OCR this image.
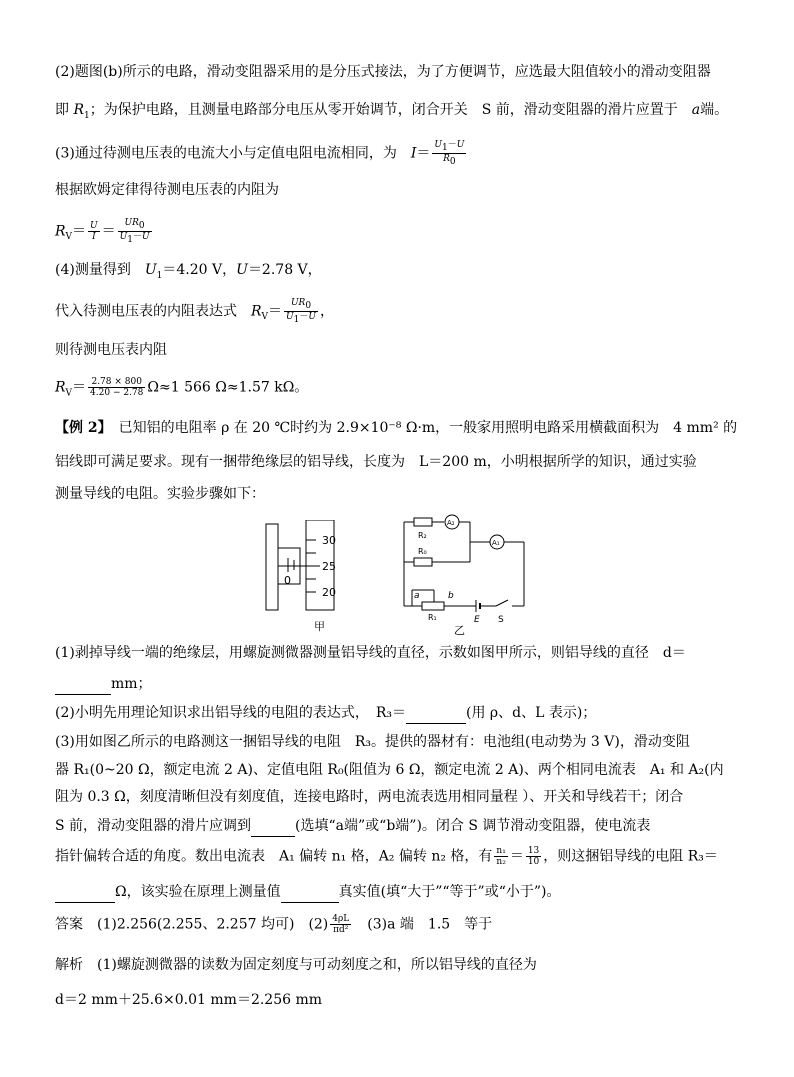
(2)题图(b)所示的电路，滑动变阻器采用的是分压式接法，为了方便调节，应选最大阻值较小的滑动变阻器
即 $R_1$；为保护电路，且测量电路部分电压从零开始调节，闭合开关　S 前，滑动变阻器的滑片应置于　a端。
(3)通过待测电压表的电流大小与定值电阻电流相同，为　$I= \frac{U_1-U}{R_0}$
根据欧姆定律得待测电压表的内阻为
$R_V= \frac{U}{I} = \frac{UR_0}{U_1-U}$
(4)测量得到　$U_1=4.20$ V，U＝2.78 V，
代入待测电压表的内阻表达式　$R_V= \frac{UR_0}{U_1-U}$ ，
则待测电压表内阻
$R_V= \frac{2.78 \times 800}{4.20 - 2.78} \Omega\approx 1$ 566 Ω≈1.57 kΩ。
【例 2】　已知铝的电阻率 ρ 在 20 ℃时约为 2.9×10⁻⁸ Ω·m，一般家用照明电路采用横截面积为　4 mm² 的
铝线即可满足要求。现有一捆带绝缘层的铝导线，长度为　L＝200 m，小明根据所学的知识，通过实验
测量导线的电阻。实验步骤如下：
30
25
20
0
甲
A₂
R₂
R₀
A₁
a	b
R₁	E S
乙
(1)剥掉导线一端的绝缘层，用螺旋测微器测量铝导线的直径，示数如图甲所示，则铝导线的直径　d＝
mm；
(2)小明先用理论知识求出铝导线的电阻的表达式，　R₃＝	(用 ρ、d、L 表示)；
(3)用如图乙所示的电路测这一捆铝导线的电阻　R₃。提供的器材有：电池组(电动势为 3 V)，滑动变阻
器 R₁(0~20 Ω，额定电流 2 A)、定值电阻 R₀(阻值为 6 Ω，额定电流 2 A)、两个相同电流表　A₁ 和 A₂(内
阻为 0.3 Ω，刻度清晰但没有刻度值，连接电路时，两电流表选用相同量程 ）、开关和导线若干；闭合
S 前，滑动变阻器的滑片应调到	(选填“a端”或“b端”)。闭合 S 调节滑动变阻器，使电流表
指针偏转合适的角度。数出电流表　A₁ 偏转 n₁ 格，A₂ 偏转 n₂ 格，有 $\frac{\text{n₁}}{\text{n₂}} = \frac{13}{10}$ ，则这捆铝导线的电阻 R₃＝
Ω，该实验在原理上测量值	真实值(填“大于”“等于”或“小于”)。
答案　 (1)2.256(2.255、2.257 均可)　$(2) \frac{4\rho L}{\text{πd²}}$
　 (3)a 端　1.5　等于
解析　(1)螺旋测微器的读数为固定刻度与可动刻度之和，所以铝导线的直径为
d＝2 mm＋25.6×0.01 mm＝2.256 mm
